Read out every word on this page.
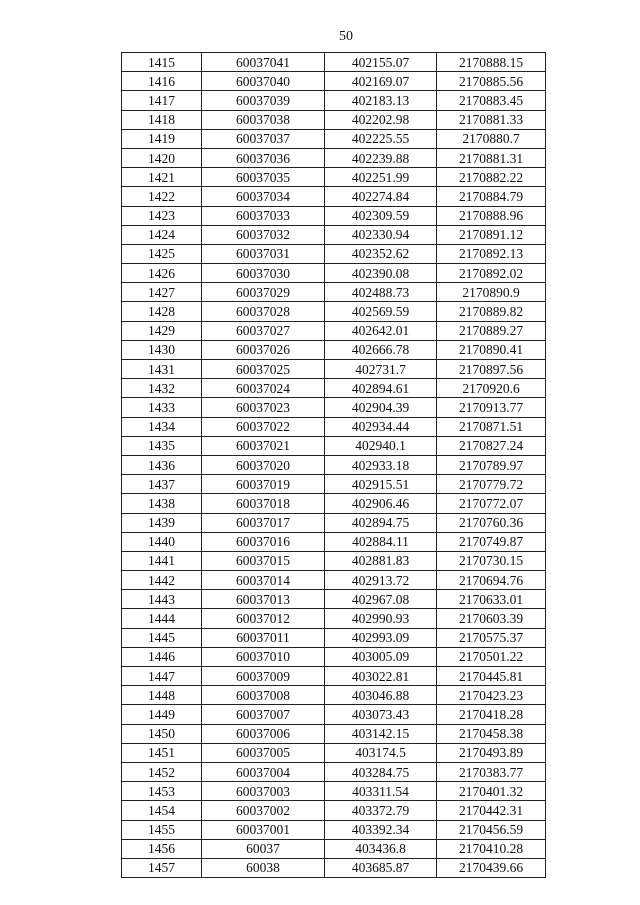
50
1415	60037041	402155.07	2170888.15
1416	60037040	402169.07	2170885.56
1417	60037039	402183.13	2170883.45
1418	60037038	402202.98	2170881.33
1419	60037037	402225.55	2170880.7
1420	60037036	402239.88	2170881.31
1421	60037035	402251.99	2170882.22
1422	60037034	402274.84	2170884.79
1423	60037033	402309.59	2170888.96
1424	60037032	402330.94	2170891.12
1425	60037031	402352.62	2170892.13
1426	60037030	402390.08	2170892.02
1427	60037029	402488.73	2170890.9
1428	60037028	402569.59	2170889.82
1429	60037027	402642.01	2170889.27
1430	60037026	402666.78	2170890.41
1431	60037025	402731.7	2170897.56
1432	60037024	402894.61	2170920.6
1433	60037023	402904.39	2170913.77
1434	60037022	402934.44	2170871.51
1435	60037021	402940.1	2170827.24
1436	60037020	402933.18	2170789.97
1437	60037019	402915.51	2170779.72
1438	60037018	402906.46	2170772.07
1439	60037017	402894.75	2170760.36
1440	60037016	402884.11	2170749.87
1441	60037015	402881.83	2170730.15
1442	60037014	402913.72	2170694.76
1443	60037013	402967.08	2170633.01
1444	60037012	402990.93	2170603.39
1445	60037011	402993.09	2170575.37
1446	60037010	403005.09	2170501.22
1447	60037009	403022.81	2170445.81
1448	60037008	403046.88	2170423.23
1449	60037007	403073.43	2170418.28
1450	60037006	403142.15	2170458.38
1451	60037005	403174.5	2170493.89
1452	60037004	403284.75	2170383.77
1453	60037003	403311.54	2170401.32
1454	60037002	403372.79	2170442.31
1455	60037001	403392.34	2170456.59
1456	60037	403436.8	2170410.28
1457	60038	403685.87	2170439.66
